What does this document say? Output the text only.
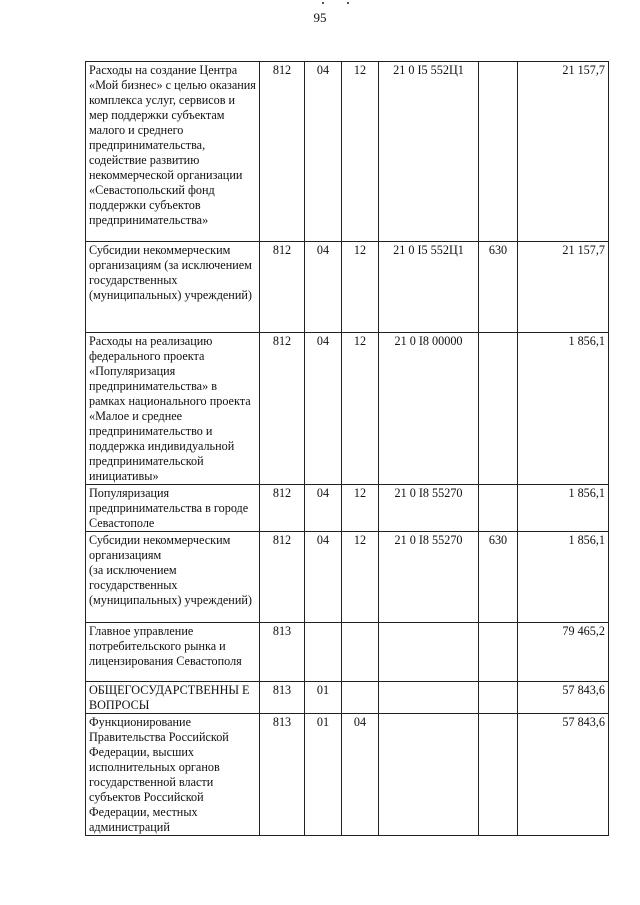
95
Расходы на создание Центра «Мой бизнес» с целью оказания комплекса услуг, сервисов и мер поддержки субъектам малого и среднего предпринимательства, содействие развитию некоммерческой организации «Севастопольский фонд поддержки субъектов предпринимательства»	812	04	12	21 0 I5 552Ц1		21 157,7
Субсидии некоммерческим организациям (за исключением государственных (муниципальных) учреждений)	812	04	12	21 0 I5 552Ц1	630	21 157,7
Расходы на реализацию федерального проекта «Популяризация предпринимательства» в рамках национального проекта «Малое и среднее предпринимательство и поддержка индивидуальной предпринимательской инициативы»	812	04	12	21 0 I8 00000		1 856,1
Популяризация предпринимательства в городе Севастополе	812	04	12	21 0 I8 55270		1 856,1
Субсидии некоммерческим организациям
(за исключением государственных (муниципальных) учреждений)	812	04	12	21 0 I8 55270	630	1 856,1
Главное управление потребительского рынка и лицензирования Севастополя	813					79 465,2
ОБЩЕГОСУДАРСТВЕННЫ Е ВОПРОСЫ	813	01				57 843,6
Функционирование Правительства Российской Федерации, высших исполнительных органов государственной власти субъектов Российской Федерации, местных администраций	813	01	04			57 843,6
